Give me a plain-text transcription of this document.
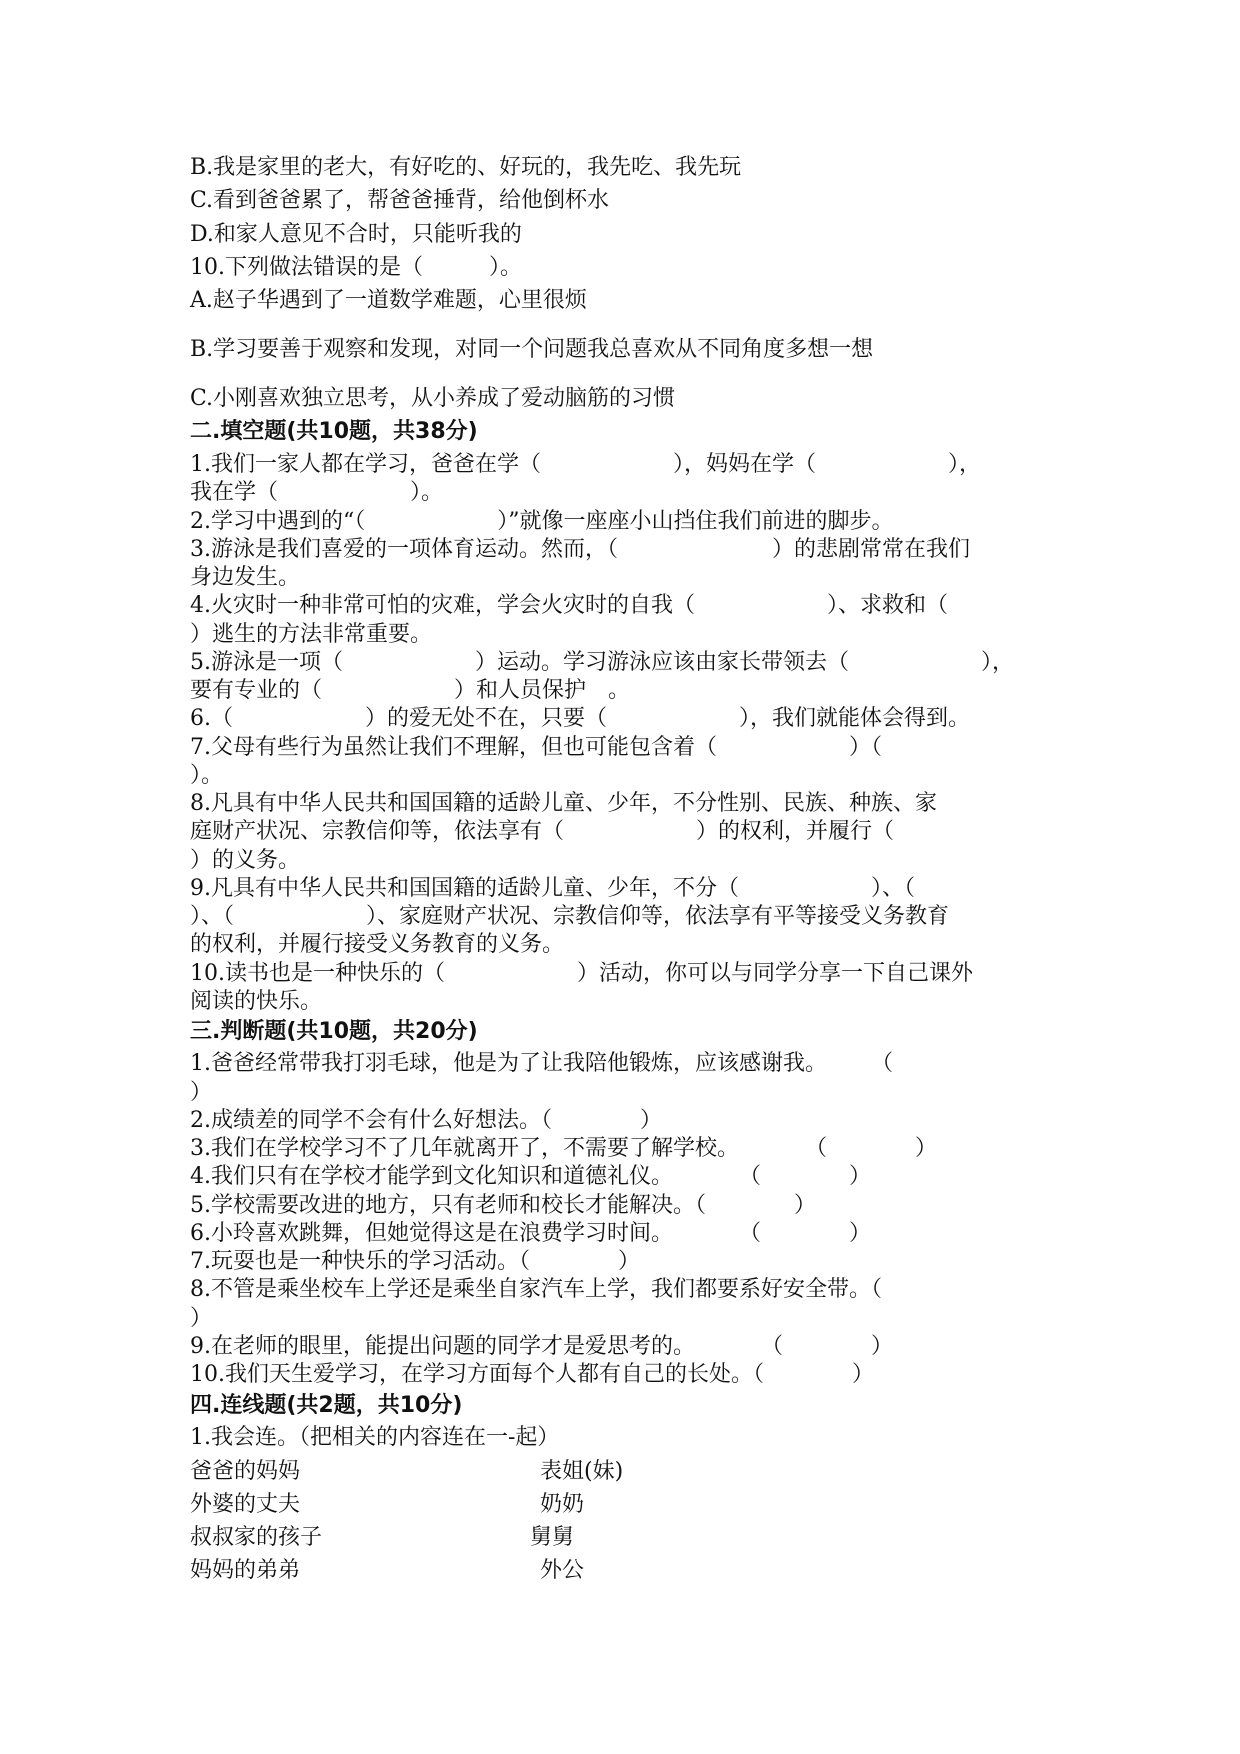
B.我是家里的老大，有好吃的、好玩的，我先吃、我先玩
C.看到爸爸累了，帮爸爸捶背，给他倒杯水
D.和家人意见不合时，只能听我的
10.下列做法错误的是（　　　）。
A.赵子华遇到了一道数学难题，心里很烦
B.学习要善于观察和发现，对同一个问题我总喜欢从不同角度多想一想
C.小刚喜欢独立思考，从小养成了爱动脑筋的习惯
二.填空题(共10题，共38分)
1.我们一家人都在学习，爸爸在学（　　　　　　），妈妈在学（　　　　　　），
我在学（　　　　　　）。
2.学习中遇到的“（　　　　　　）”就像一座座小山挡住我们前进的脚步。
3.游泳是我们喜爱的一项体育运动。然而，（　　　　　　　）的悲剧常常在我们
身边发生。
4.火灾时一种非常可怕的灾难，学会火灾时的自我（　　　　　　）、求救和（
）逃生的方法非常重要。
5.游泳是一项（　　　　　　）运动。学习游泳应该由家长带领去（　　　　　　），
要有专业的（　　　　　　）和人员保护　。
6.（　　　　　　）的爱无处不在，只要（　　　　　　），我们就能体会得到。
7.父母有些行为虽然让我们不理解，但也可能包含着（　　　　　　）（
）。
8.凡具有中华人民共和国国籍的适龄儿童、少年，不分性别、民族、种族、家
庭财产状况、宗教信仰等，依法享有（　　　　　　）的权利，并履行（
）的义务。
9.凡具有中华人民共和国国籍的适龄儿童、少年，不分（　　　　　　）、（
）、（　　　　　　）、家庭财产状况、宗教信仰等，依法享有平等接受义务教育
的权利，并履行接受义务教育的义务。
10.读书也是一种快乐的（　　　　　　）活动，你可以与同学分享一下自己课外
阅读的快乐。
三.判断题(共10题，共20分)
1.爸爸经常带我打羽毛球，他是为了让我陪他锻炼，应该感谢我。　　　（
）
2.成绩差的同学不会有什么好想法。（　　　　）
3.我们在学校学习不了几年就离开了，不需要了解学校。　　　　（　　　　）
4.我们只有在学校才能学到文化知识和道德礼仪。　　　　（　　　　）
5.学校需要改进的地方，只有老师和校长才能解决。（　　　　）
6.小玲喜欢跳舞，但她觉得这是在浪费学习时间。　　　　（　　　　）
7.玩耍也是一种快乐的学习活动。（　　　　）
8.不管是乘坐校车上学还是乘坐自家汽车上学，我们都要系好安全带。（
）
9.在老师的眼里，能提出问题的同学才是爱思考的。　　　　（　　　　）
10.我们天生爱学习，在学习方面每个人都有自己的长处。（　　　　）
四.连线题(共2题，共10分)
1.我会连。（把相关的内容连在一-起）
爸爸的妈妈
外婆的丈夫
叔叔家的孩子
妈妈的弟弟
表姐(妹)
奶奶
舅舅
外公
